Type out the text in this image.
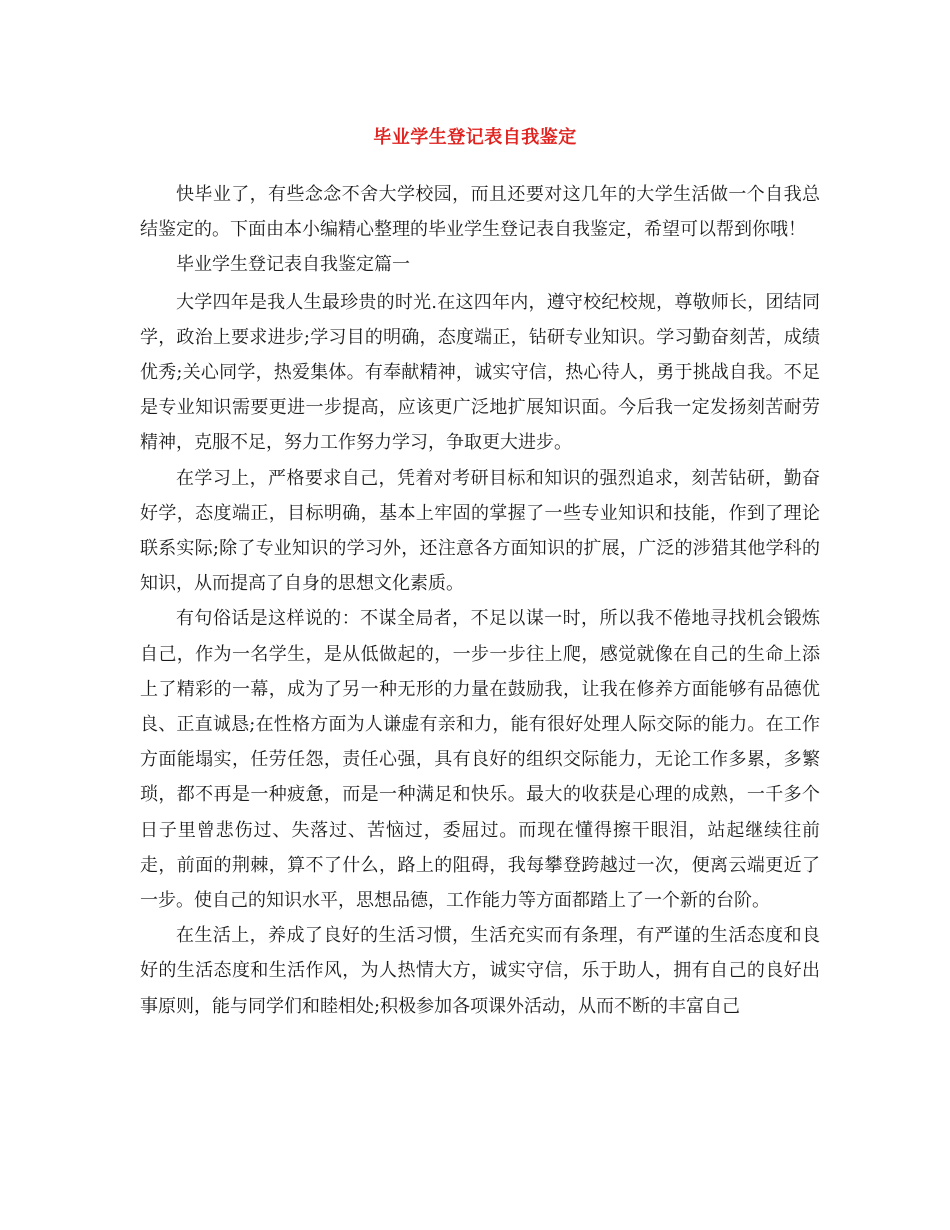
毕业学生登记表自我鉴定

快毕业了，有些念念不舍大学校园，而且还要对这几年的大学生活做一个自我总结鉴定的。下面由本小编精心整理的毕业学生登记表自我鉴定，希望可以帮到你哦！

毕业学生登记表自我鉴定篇一

大学四年是我人生最珍贵的时光.在这四年内，遵守校纪校规，尊敬师长，团结同学，政治上要求进步;学习目的明确，态度端正，钻研专业知识。学习勤奋刻苦，成绩优秀;关心同学，热爱集体。有奉献精神，诚实守信，热心待人，勇于挑战自我。不足是专业知识需要更进一步提高，应该更广泛地扩展知识面。今后我一定发扬刻苦耐劳精神，克服不足，努力工作努力学习，争取更大进步。

在学习上，严格要求自己，凭着对考研目标和知识的强烈追求，刻苦钻研，勤奋好学，态度端正，目标明确，基本上牢固的掌握了一些专业知识和技能，作到了理论联系实际;除了专业知识的学习外，还注意各方面知识的扩展，广泛的涉猎其他学科的知识，从而提高了自身的思想文化素质。

有句俗话是这样说的：不谋全局者，不足以谋一时，所以我不倦地寻找机会锻炼自己，作为一名学生，是从低做起的，一步一步往上爬，感觉就像在自己的生命上添上了精彩的一幕，成为了另一种无形的力量在鼓励我，让我在修养方面能够有品德优良、正直诚恳;在性格方面为人谦虚有亲和力，能有很好处理人际交际的能力。在工作方面能塌实，任劳任怨，责任心强，具有良好的组织交际能力，无论工作多累，多繁琐，都不再是一种疲惫，而是一种满足和快乐。最大的收获是心理的成熟，一千多个日子里曾悲伤过、失落过、苦恼过，委屈过。而现在懂得擦干眼泪，站起继续往前走，前面的荆棘，算不了什么，路上的阻碍，我每攀登跨越过一次，便离云端更近了一步。使自己的知识水平，思想品德，工作能力等方面都踏上了一个新的台阶。

在生活上，养成了良好的生活习惯，生活充实而有条理，有严谨的生活态度和良好的生活态度和生活作风，为人热情大方，诚实守信，乐于助人，拥有自己的良好出事原则，能与同学们和睦相处;积极参加各项课外活动，从而不断的丰富自己
